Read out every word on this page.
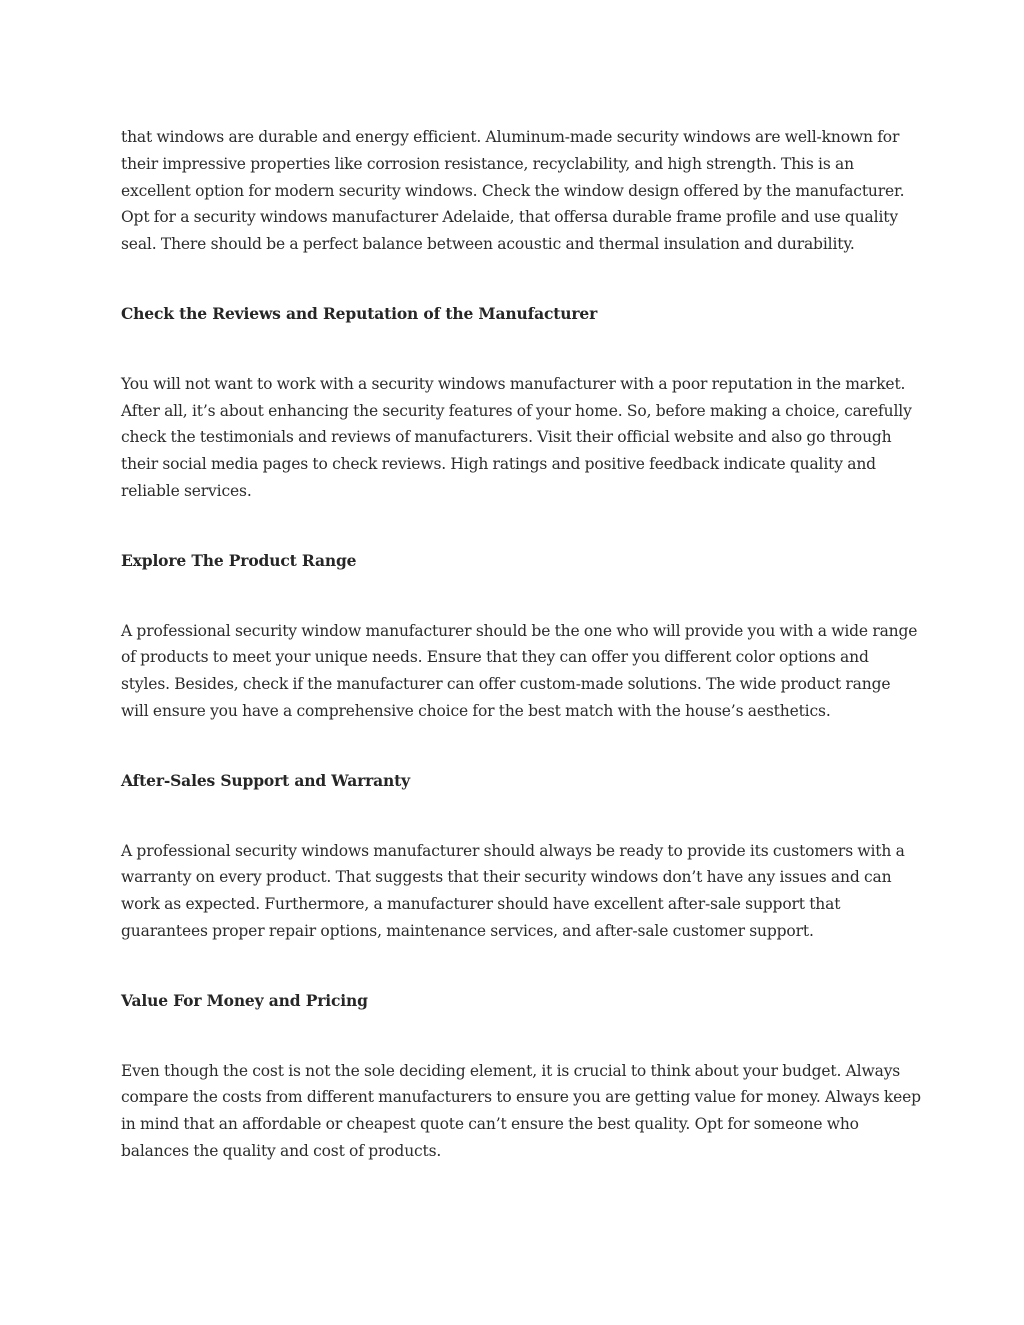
that windows are durable and energy efficient. Aluminum-made security windows are well-known for their impressive properties like corrosion resistance, recyclability, and high strength. This is an excellent option for modern security windows. Check the window design offered by the manufacturer. Opt for a security windows manufacturer Adelaide, that offersa durable frame profile and use quality seal. There should be a perfect balance between acoustic and thermal insulation and durability.

Check the Reviews and Reputation of the Manufacturer

You will not want to work with a security windows manufacturer with a poor reputation in the market. After all, it’s about enhancing the security features of your home. So, before making a choice, carefully check the testimonials and reviews of manufacturers. Visit their official website and also go through their social media pages to check reviews. High ratings and positive feedback indicate quality and reliable services.

Explore The Product Range

A professional security window manufacturer should be the one who will provide you with a wide range of products to meet your unique needs. Ensure that they can offer you different color options and styles. Besides, check if the manufacturer can offer custom-made solutions. The wide product range will ensure you have a comprehensive choice for the best match with the house’s aesthetics.

After-Sales Support and Warranty

A professional security windows manufacturer should always be ready to provide its customers with a warranty on every product. That suggests that their security windows don’t have any issues and can work as expected. Furthermore, a manufacturer should have excellent after-sale support that guarantees proper repair options, maintenance services, and after-sale customer support.

Value For Money and Pricing

Even though the cost is not the sole deciding element, it is crucial to think about your budget. Always compare the costs from different manufacturers to ensure you are getting value for money. Always keep in mind that an affordable or cheapest quote can’t ensure the best quality. Opt for someone who balances the quality and cost of products.
